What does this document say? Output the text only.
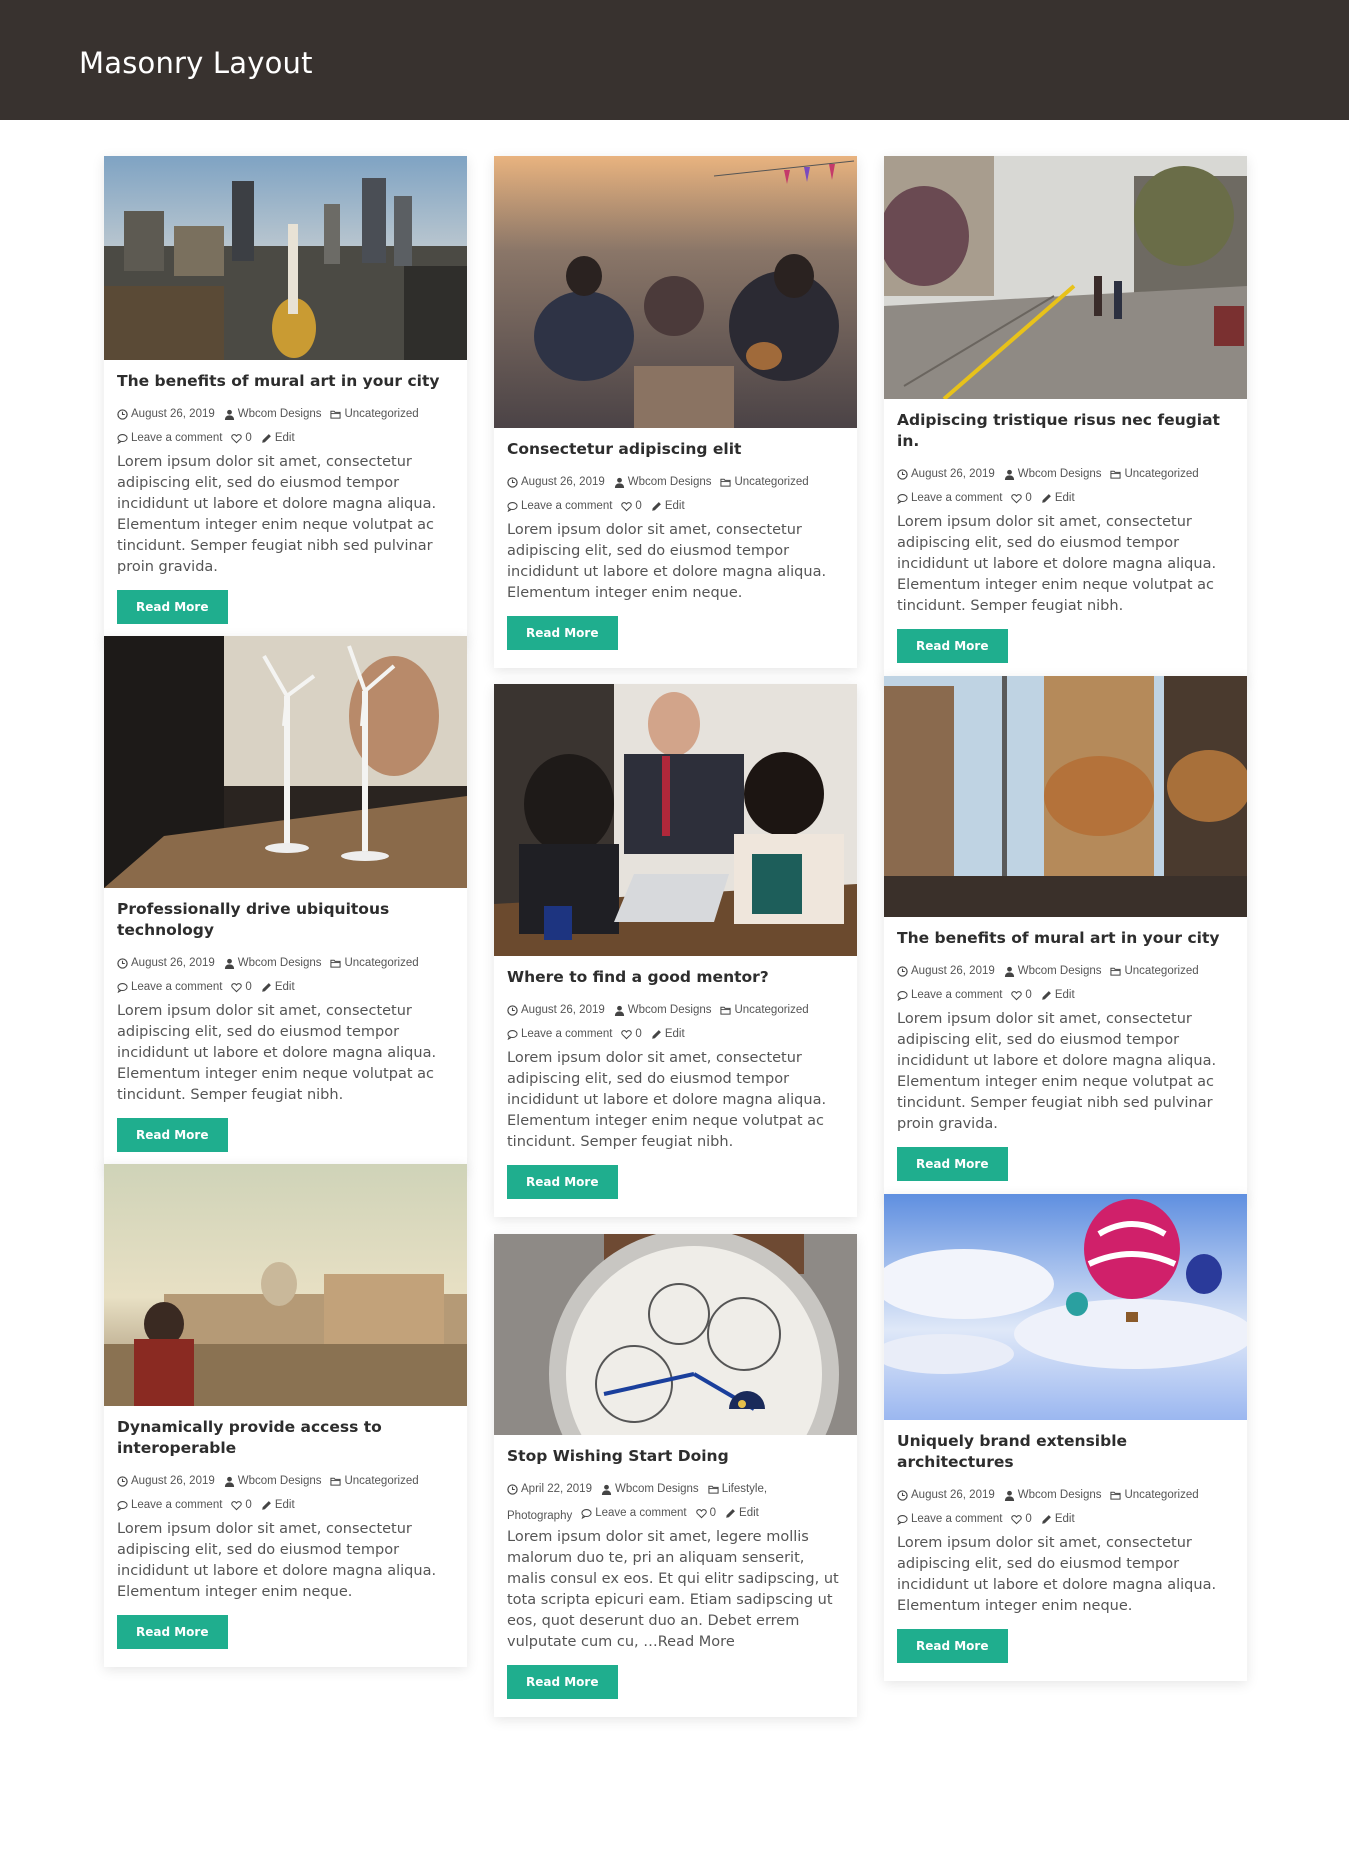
Masonry Layout
The benefits of mural art in your city
August 26, 2019 Wbcom Designs Uncategorized

Leave a comment 0 Edit

Lorem ipsum dolor sit amet, consectetur adipiscing elit, sed do eiusmod tempor incididunt ut labore et dolore magna aliqua. Elementum integer enim neque volutpat ac tincidunt. Semper feugiat nibh sed pulvinar proin gravida.

Read More
Professionally drive ubiquitous technology
August 26, 2019 Wbcom Designs Uncategorized

Leave a comment 0 Edit

Lorem ipsum dolor sit amet, consectetur adipiscing elit, sed do eiusmod tempor incididunt ut labore et dolore magna aliqua. Elementum integer enim neque volutpat ac tincidunt. Semper feugiat nibh.

Read More
Dynamically provide access to interoperable
August 26, 2019 Wbcom Designs Uncategorized

Leave a comment 0 Edit

Lorem ipsum dolor sit amet, consectetur adipiscing elit, sed do eiusmod tempor incididunt ut labore et dolore magna aliqua. Elementum integer enim neque.

Read More
Consectetur adipiscing elit
August 26, 2019 Wbcom Designs Uncategorized

Leave a comment 0 Edit

Lorem ipsum dolor sit amet, consectetur adipiscing elit, sed do eiusmod tempor incididunt ut labore et dolore magna aliqua. Elementum integer enim neque.

Read More
Where to find a good mentor?
August 26, 2019 Wbcom Designs Uncategorized

Leave a comment 0 Edit

Lorem ipsum dolor sit amet, consectetur adipiscing elit, sed do eiusmod tempor incididunt ut labore et dolore magna aliqua. Elementum integer enim neque volutpat ac tincidunt. Semper feugiat nibh.

Read More
Stop Wishing Start Doing
April 22, 2019 Wbcom Designs Lifestyle,

Photography Leave a comment 0 Edit

Lorem ipsum dolor sit amet, legere mollis malorum duo te, pri an aliquam senserit, malis consul ex eos. Et qui elitr sadipscing, ut tota scripta epicuri eam. Etiam sadipscing ut eos, quot deserunt duo an. Debet errem vulputate cum cu, …Read More

Read More
Adipiscing tristique risus nec feugiat in.
August 26, 2019 Wbcom Designs Uncategorized

Leave a comment 0 Edit

Lorem ipsum dolor sit amet, consectetur adipiscing elit, sed do eiusmod tempor incididunt ut labore et dolore magna aliqua. Elementum integer enim neque volutpat ac tincidunt. Semper feugiat nibh.

Read More
The benefits of mural art in your city
August 26, 2019 Wbcom Designs Uncategorized

Leave a comment 0 Edit

Lorem ipsum dolor sit amet, consectetur adipiscing elit, sed do eiusmod tempor incididunt ut labore et dolore magna aliqua. Elementum integer enim neque volutpat ac tincidunt. Semper feugiat nibh sed pulvinar proin gravida.

Read More
Uniquely brand extensible architectures
August 26, 2019 Wbcom Designs Uncategorized

Leave a comment 0 Edit

Lorem ipsum dolor sit amet, consectetur adipiscing elit, sed do eiusmod tempor incididunt ut labore et dolore magna aliqua. Elementum integer enim neque.

Read More
